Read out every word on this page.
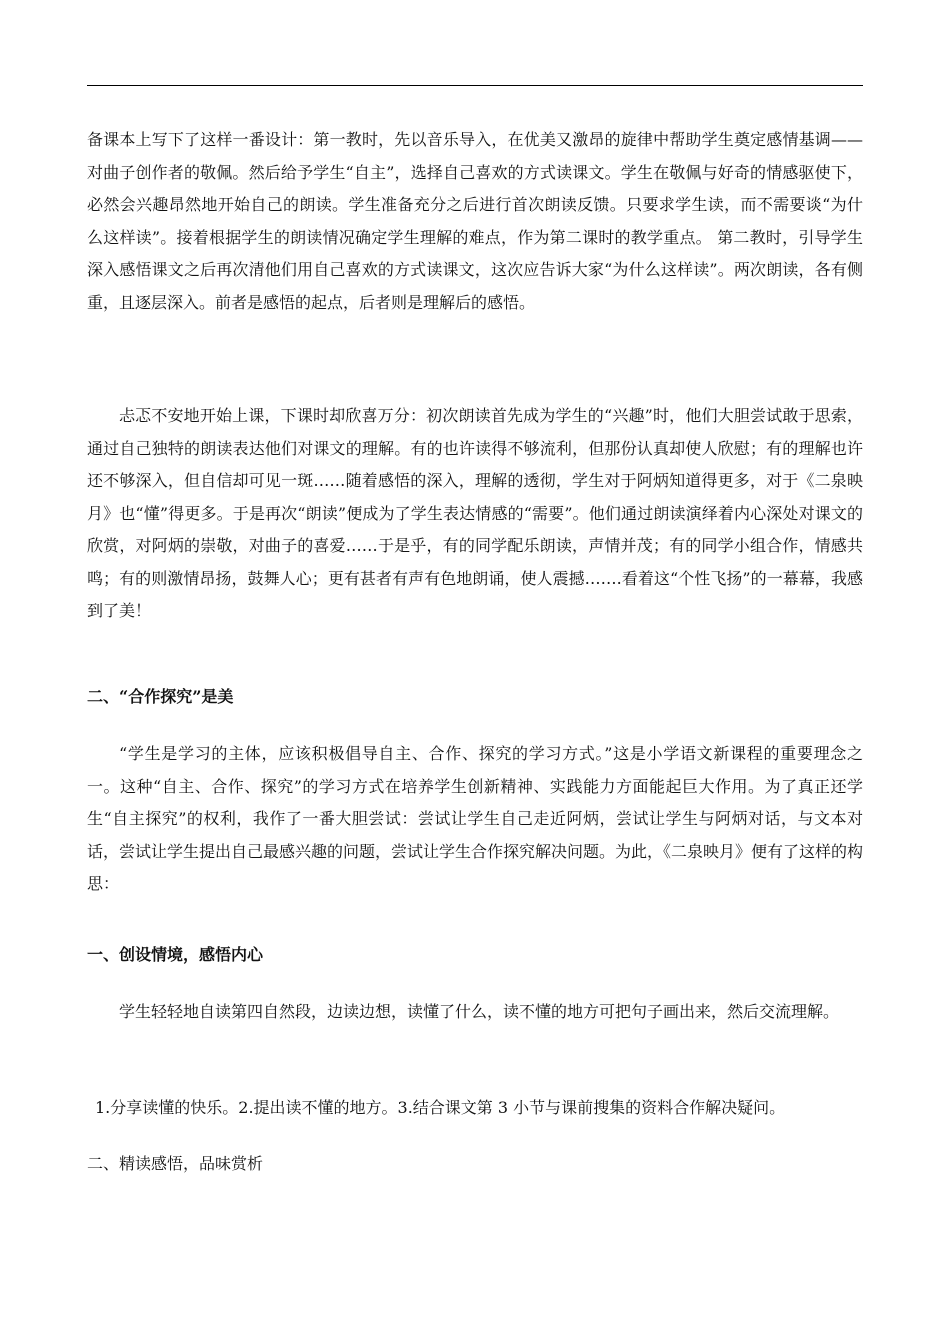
备课本上写下了这样一番设计：第一教时，先以音乐导入，在优美又激昂的旋律中帮助学生奠定感情基调——对曲子创作者的敬佩。然后给予学生“自主”，选择自己喜欢的方式读课文。学生在敬佩与好奇的情感驱使下，必然会兴趣昂然地开始自己的朗读。学生准备充分之后进行首次朗读反馈。只要求学生读，而不需要谈“为什么这样读”。接着根据学生的朗读情况确定学生理解的难点，作为第二课时的教学重点。 第二教时，引导学生深入感悟课文之后再次清他们用自己喜欢的方式读课文，这次应告诉大家“为什么这样读”。两次朗读，各有侧重，且逐层深入。前者是感悟的起点，后者则是理解后的感悟。

忐忑不安地开始上课，下课时却欣喜万分：初次朗读首先成为学生的“兴趣”时，他们大胆尝试敢于思索，通过自己独特的朗读表达他们对课文的理解。有的也许读得不够流利，但那份认真却使人欣慰；有的理解也许还不够深入，但自信却可见一斑……随着感悟的深入，理解的透彻，学生对于阿炳知道得更多，对于《二泉映月》也“懂”得更多。于是再次“朗读”便成为了学生表达情感的“需要”。他们通过朗读演绎着内心深处对课文的欣赏，对阿炳的崇敬，对曲子的喜爱……于是乎，有的同学配乐朗读，声情并茂；有的同学小组合作，情感共鸣；有的则激情昂扬，鼓舞人心；更有甚者有声有色地朗诵，使人震撼…….看着这“个性飞扬”的一幕幕，我感到了美！

二、“合作探究”是美

“学生是学习的主体，应该积极倡导自主、合作、探究的学习方式。”这是小学语文新课程的重要理念之一。这种“自主、合作、探究”的学习方式在培养学生创新精神、实践能力方面能起巨大作用。为了真正还学生“自主探究”的权利，我作了一番大胆尝试：尝试让学生自己走近阿炳，尝试让学生与阿炳对话，与文本对话，尝试让学生提出自己最感兴趣的问题，尝试让学生合作探究解决问题。为此，《二泉映月》便有了这样的构思：

一、创设情境，感悟内心

学生轻轻地自读第四自然段，边读边想，读懂了什么，读不懂的地方可把句子画出来，然后交流理解。

1.分享读懂的快乐。2.提出读不懂的地方。3.结合课文第 3 小节与课前搜集的资料合作解决疑问。

二、精读感悟，品味赏析
